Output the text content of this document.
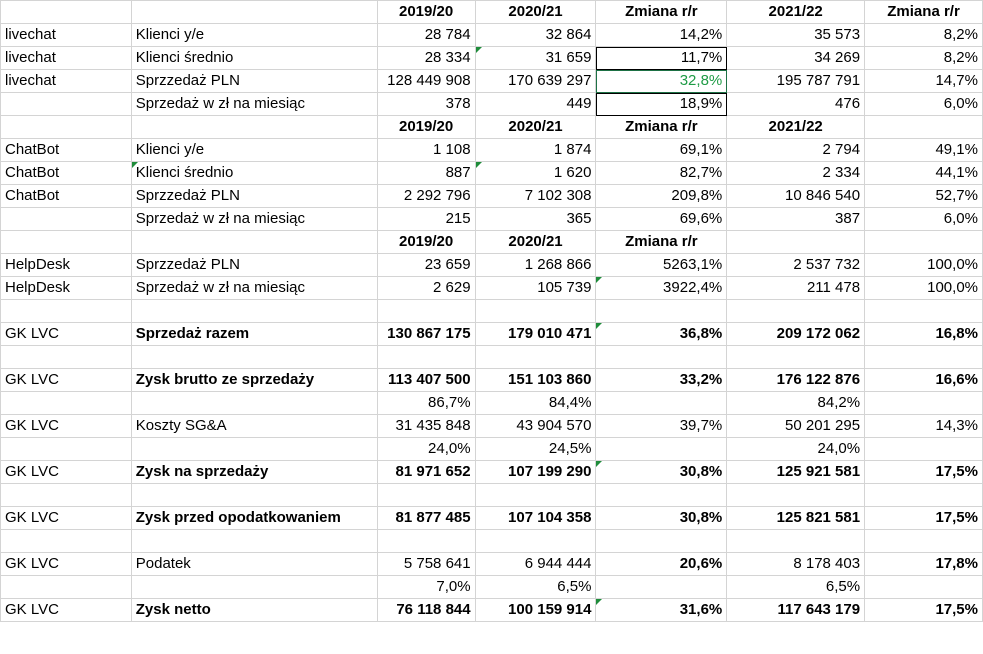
		2019/20	2020/21	Zmiana r/r	2021/22	Zmiana r/r
livechat	Klienci y/e	28 784	32 864	14,2%	35 573	8,2%
livechat	Klienci średnio	28 334	31 659	11,7%	34 269	8,2%
livechat	Sprzzedaż PLN	128 449 908	170 639 297	32,8%	195 787 791	14,7%
	Sprzedaż w zł na miesiąc	378	449	18,9%	476	6,0%
		2019/20	2020/21	Zmiana r/r	2021/22	
ChatBot	Klienci y/e	1 108	1 874	69,1%	2 794	49,1%
ChatBot	Klienci średnio	887	1 620	82,7%	2 334	44,1%
ChatBot	Sprzzedaż PLN	2 292 796	7 102 308	209,8%	10 846 540	52,7%
	Sprzedaż w zł na miesiąc	215	365	69,6%	387	6,0%
		2019/20	2020/21	Zmiana r/r		
HelpDesk	Sprzzedaż PLN	23 659	1 268 866	5263,1%	2 537 732	100,0%
HelpDesk	Sprzedaż w zł na miesiąc	2 629	105 739	3922,4%	211 478	100,0%

GK LVC	Sprzedaż razem	130 867 175	179 010 471	36,8%	209 172 062	16,8%

GK LVC	Zysk brutto ze sprzedaży	113 407 500	151 103 860	33,2%	176 122 876	16,6%
		86,7%	84,4%		84,2%	
GK LVC	Koszty SG&A	31 435 848	43 904 570	39,7%	50 201 295	14,3%
		24,0%	24,5%		24,0%	
GK LVC	Zysk na sprzedaży	81 971 652	107 199 290	30,8%	125 921 581	17,5%

GK LVC	Zysk przed opodatkowaniem	81 877 485	107 104 358	30,8%	125 821 581	17,5%

GK LVC	Podatek	5 758 641	6 944 444	20,6%	8 178 403	17,8%
		7,0%	6,5%		6,5%	
GK LVC	Zysk netto	76 118 844	100 159 914	31,6%	117 643 179	17,5%
